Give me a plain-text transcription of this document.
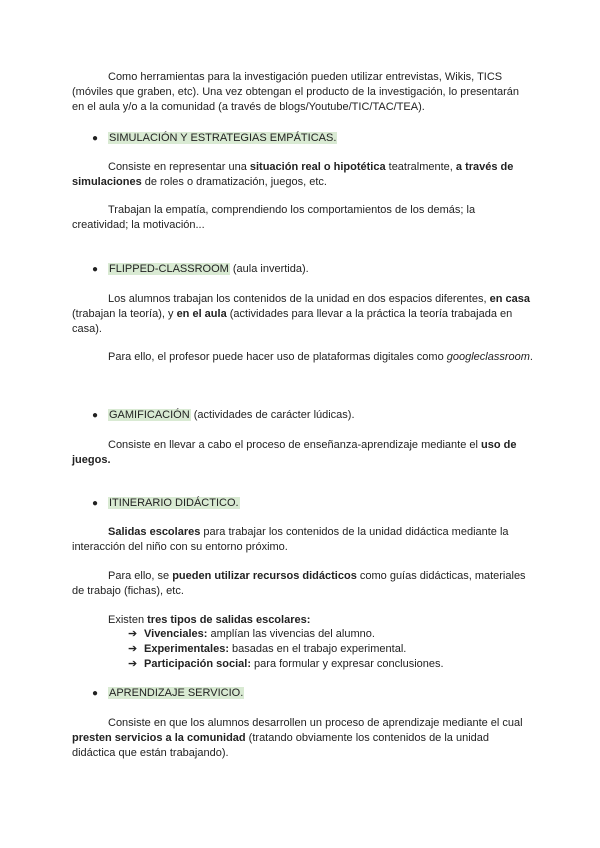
Como herramientas para la investigación pueden utilizar entrevistas, Wikis, TICS (móviles que graben, etc). Una vez obtengan el producto de la investigación, lo presentarán en el aula y/o a la comunidad (a través de blogs/Youtube/TIC/TAC/TEA).

● SIMULACIÓN Y ESTRATEGIAS EMPÁTICAS.

Consiste en representar una situación real o hipotética teatralmente, a través de simulaciones de roles o dramatización, juegos, etc.

Trabajan la empatía, comprendiendo los comportamientos de los demás; la creatividad; la motivación...

● FLIPPED-CLASSROOM (aula invertida).

Los alumnos trabajan los contenidos de la unidad en dos espacios diferentes, en casa (trabajan la teoría), y en el aula (actividades para llevar a la práctica la teoría trabajada en casa).

Para ello, el profesor puede hacer uso de plataformas digitales como googleclassroom.

● GAMIFICACIÓN (actividades de carácter lúdicas).

Consiste en llevar a cabo el proceso de enseñanza-aprendizaje mediante el uso de juegos.

● ITINERARIO DIDÁCTICO.

Salidas escolares para trabajar los contenidos de la unidad didáctica mediante la interacción del niño con su entorno próximo.

Para ello, se pueden utilizar recursos didácticos como guías didácticas, materiales de trabajo (fichas), etc.

Existen tres tipos de salidas escolares:

➔ Vivenciales: amplían las vivencias del alumno.
➔ Experimentales: basadas en el trabajo experimental.
➔ Participación social: para formular y expresar conclusiones.
● APRENDIZAJE SERVICIO.

Consiste en que los alumnos desarrollen un proceso de aprendizaje mediante el cual presten servicios a la comunidad (tratando obviamente los contenidos de la unidad didáctica que están trabajando).
